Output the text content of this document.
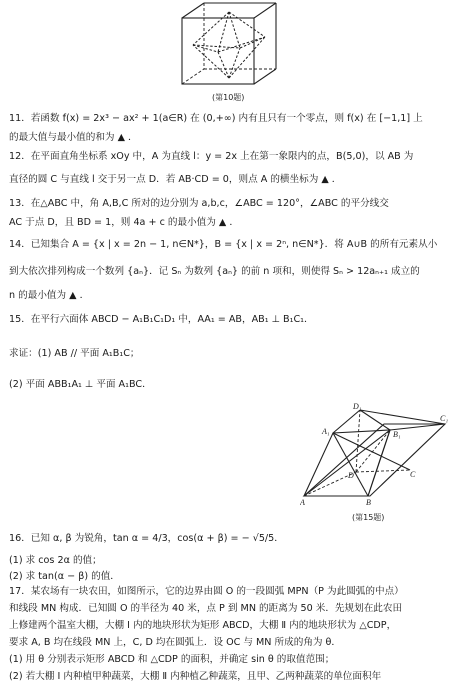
(第10题)
11．若函数 f(x) = 2x³ − ax² + 1(a∈R) 在 (0,+∞) 内有且只有一个零点，则 f(x) 在 [−1,1] 上
的最大值与最小值的和为 ▲ ．
12．在平面直角坐标系 xOy 中，A 为直线 l：y = 2x 上在第一象限内的点，B(5,0)，以 AB 为
直径的圆 C 与直线 l 交于另一点 D．若 AB·CD = 0，则点 A 的横坐标为 ▲ ．
13．在△ABC 中，角 A,B,C 所对的边分别为 a,b,c，∠ABC = 120°，∠ABC 的平分线交
AC 于点 D，且 BD = 1，则 4a + c 的最小值为 ▲ ．
14．已知集合 A = {x | x = 2n − 1, n∈N*}，B = {x | x = 2ⁿ, n∈N*}．将 A∪B 的所有元素从小
到大依次排列构成一个数列 {aₙ}．记 Sₙ 为数列 {aₙ} 的前 n 项和，则使得 Sₙ > 12aₙ₊₁ 成立的
n 的最小值为 ▲ ．
15．在平行六面体 ABCD − A₁B₁C₁D₁ 中，AA₁ = AB，AB₁ ⊥ B₁C₁．
求证：(1) AB // 平面 A₁B₁C；
(2) 平面 ABB₁A₁ ⊥ 平面 A₁BC．
D₁
C₁
A₁	B₁
D	C
A	B
(第15题)
16．已知 α, β 为锐角，tan α = 4/3，cos(α + β) = − √5/5．
(1) 求 cos 2α 的值；
(2) 求 tan(α − β) 的值．
17．某农场有一块农田，如图所示，它的边界由圆 O 的一段圆弧 MPN（P 为此圆弧的中点）
和线段 MN 构成．已知圆 O 的半径为 40 米，点 P 到 MN 的距离为 50 米．先规划在此农田
上修建两个温室大棚，大棚 Ⅰ 内的地块形状为矩形 ABCD，大棚 Ⅱ 内的地块形状为 △CDP，
要求 A, B 均在线段 MN 上，C, D 均在圆弧上．设 OC 与 MN 所成的角为 θ．
(1) 用 θ 分别表示矩形 ABCD 和 △CDP 的面积，并确定 sin θ 的取值范围；
(2) 若大棚 Ⅰ 内种植甲种蔬菜，大棚 Ⅱ 内种植乙种蔬菜，且甲、乙两种蔬菜的单位面积年
